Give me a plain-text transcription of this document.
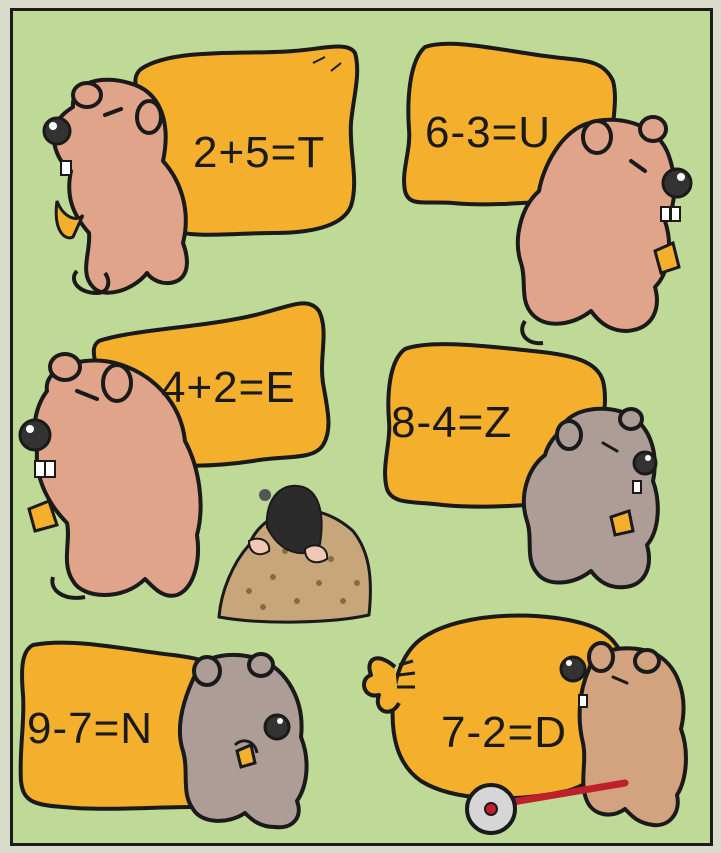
2+5=T 6-3=U
4+2=E
8-4=Z
9-7=N	7-2=D
